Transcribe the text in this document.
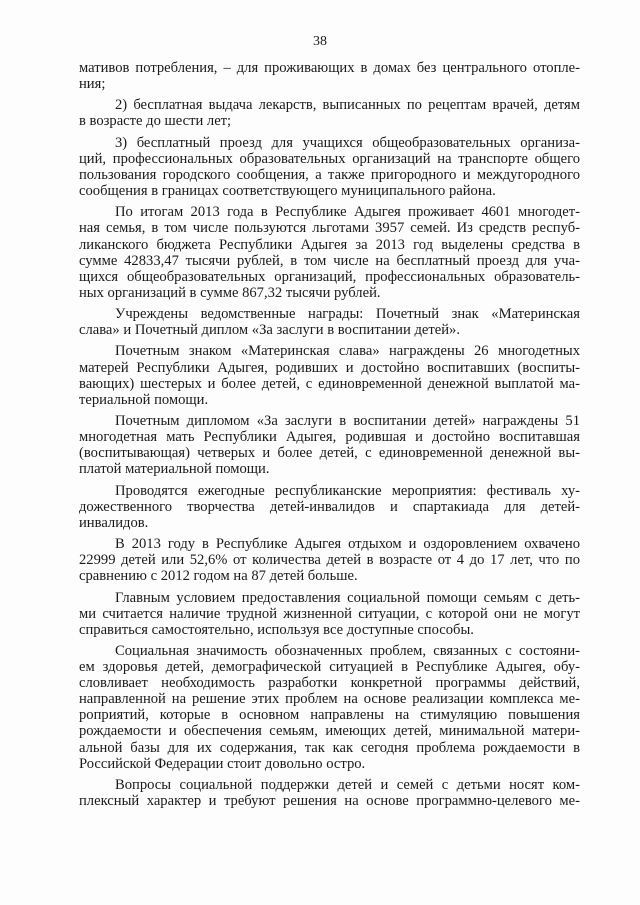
38

мативов потребления, – для проживающих в домах без центрального отопле-
ния;

2) бесплатная выдача лекарств, выписанных по рецептам врачей, детям
в возрасте до шести лет;

3) бесплатный проезд для учащихся общеобразовательных организа-
ций, профессиональных образовательных организаций на транспорте общего
пользования городского сообщения, а также пригородного и междугородного
сообщения в границах соответствующего муниципального района.

По итогам 2013 года в Республике Адыгея проживает 4601 многодет-
ная семья, в том числе пользуются льготами 3957 семей. Из средств респуб-
ликанского бюджета Республики Адыгея за 2013 год выделены средства в
сумме 42833,47 тысячи рублей, в том числе на бесплатный проезд для уча-
щихся общеобразовательных организаций, профессиональных образователь-
ных организаций в сумме 867,32 тысячи рублей.

Учреждены ведомственные награды: Почетный знак «Материнская
слава» и Почетный диплом «За заслуги в воспитании детей».

Почетным знаком «Материнская слава» награждены 26 многодетных
матерей Республики Адыгея, родивших и достойно воспитавших (воспиты-
вающих) шестерых и более детей, с единовременной денежной выплатой ма-
териальной помощи.

Почетным дипломом «За заслуги в воспитании детей» награждены 51
многодетная мать Республики Адыгея, родившая и достойно воспитавшая
(воспитывающая) четверых и более детей, с единовременной денежной вы-
платой материальной помощи.

Проводятся ежегодные республиканские мероприятия: фестиваль ху-
дожественного творчества детей-инвалидов и спартакиада для детей-
инвалидов.

В 2013 году в Республике Адыгея отдыхом и оздоровлением охвачено
22999 детей или 52,6% от количества детей в возрасте от 4 до 17 лет, что по
сравнению с 2012 годом на 87 детей больше.

Главным условием предоставления социальной помощи семьям с деть-
ми считается наличие трудной жизненной ситуации, с которой они не могут
справиться самостоятельно, используя все доступные способы.

Социальная значимость обозначенных проблем, связанных с состояни-
ем здоровья детей, демографической ситуацией в Республике Адыгея, обу-
словливает необходимость разработки конкретной программы действий,
направленной на решение этих проблем на основе реализации комплекса ме-
роприятий, которые в основном направлены на стимуляцию повышения
рождаемости и обеспечения семьям, имеющих детей, минимальной матери-
альной базы для их содержания, так как сегодня проблема рождаемости в
Российской Федерации стоит довольно остро.

Вопросы социальной поддержки детей и семей с детьми носят ком-
плексный характер и требуют решения на основе программно-целевого ме-
